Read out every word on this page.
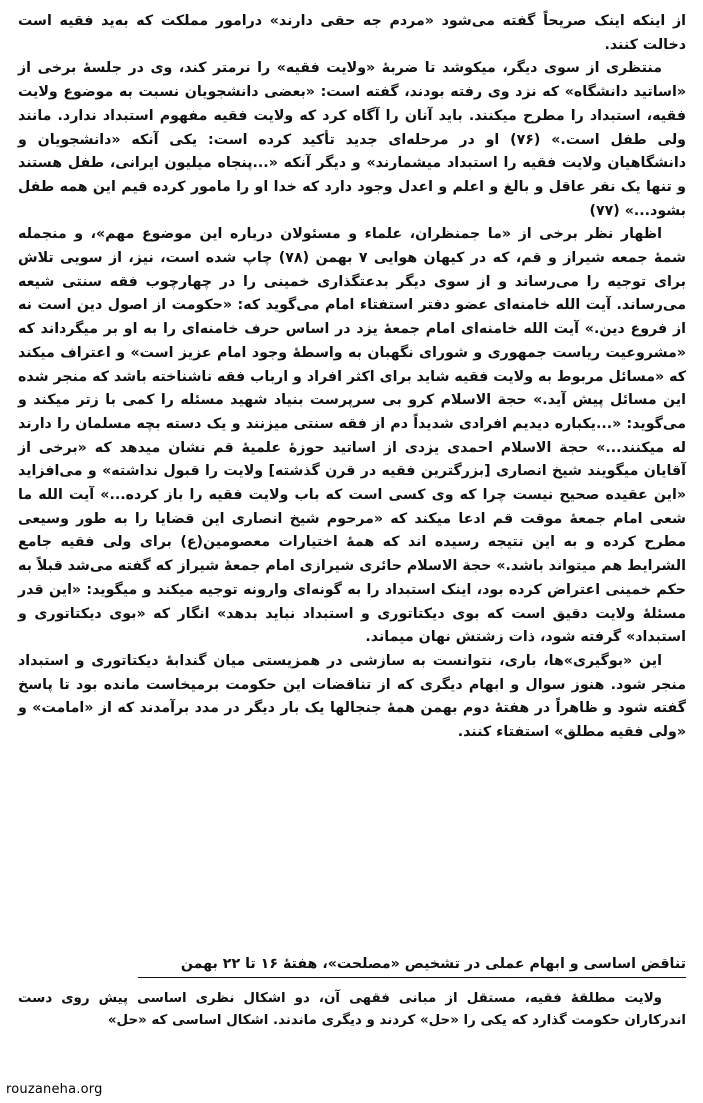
از اینکه اینک صریحاً گفته می‌شود «مردم جه حقی دارند» درامور مملکت که به‌ید فقیه است دخالت کنند.

منتظری از سوی دیگر، میکوشد تا ضربهٔ «ولایت فقیه» را نرمتر کند، وی در جلسهٔ برخی از «اساتید دانشگاه» که نزد وی رفته بودند، گفته است: «بعضی دانشجویان نسبت به موضوع ولایت فقیه، استبداد را مطرح میکنند. باید آنان را آگاه کرد که ولایت فقیه مفهوم استبداد ندارد. مانند ولی طفل است.» (۷۶) او در مرحله‌ای جدید تأکید کرده است: یکی آنکه «دانشجویان و دانشگاهیان ولایت فقیه را استبداد میشمارند» و دیگر آنکه «...پنجاه میلیون ایرانی، طفل هستند و تنها یک نفر عاقل و بالغ و اعلم و اعدل وجود دارد که خدا او را مامور کرده قیم این همه طفل بشود...» (۷۷)

اظهار نظر برخی از «ما جمنظران، علماء و مسئولان درباره این موضوع مهم»، و منجمله شمهٔ جمعه شیراز و قم، که در کیهان هوایی ۷ بهمن (۷۸) چاپ شده است، نیز، از سویی تلاش برای توجیه را می‌رساند و از سوی دیگر بدعتگذاری خمینی را در چهارچوب فقه سنتی شیعه می‌رساند. آیت الله خامنه‌ای عضو دفتر استفتاء امام می‌گوید که: «حکومت از اصول دین است نه از فروع دین.» آیت الله خامنه‌ای امام جمعهٔ یزد در اساس حرف خامنه‌ای را به او بر میگرداند که «مشروعیت ریاست جمهوری و شورای نگهبان به واسطهٔ وجود امام عزیز است» و اعتراف میکند که «مسائل مربوط به ولایت فقیه شاید برای اکثر افراد و ارباب فقه ناشناخته باشد که منجر شده این مسائل پیش آید.» حجة الاسلام کرو بی سرپرست بنیاد شهید مسئله را کمی با زتر میکند و می‌گوید: «...یکباره دیدیم افرادی شدیداً دم از فقه سنتی میزنند و یک دسته بچه مسلمان را دارند له میکنند...» حجة الاسلام احمدی یزدی از اساتید حوزهٔ علمیهٔ قم نشان میدهد که «برخی از آقایان میگویند شیخ انصاری [بزرگترین فقیه در قرن گذشته] ولایت را قبول نداشته» و می‌افزاید «این عقیده صحیح نیست چرا که وی کسی است که باب ولایت فقیه را باز کرده...» آیت الله ما شعی امام جمعهٔ موقت قم ادعا میکند که «مرحوم شیخ انصاری این قضایا را به طور وسیعی مطرح کرده و به این نتیجه رسیده اند که همهٔ اختیارات معصومین(ع) برای ولی فقیه جامع الشرایط هم میتواند باشد.» حجة الاسلام حائری شیرازی امام جمعهٔ شیراز که گفته می‌شد قبلاً به حکم خمینی اعتراض کرده بود، اینک استبداد را به گونه‌ای وارونه توجیه میکند و میگوید: «این قدر مسئلهٔ ولایت دقیق است که بوی دیکتاتوری و استبداد نباید بدهد» انگار که «بوی دیکتاتوری و استبداد» گرفته شود، ذات زشتش نهان میماند.

این «بوگیری»ها، باری، نتوانست به سازشی در همزیستی میان گندابهٔ دیکتاتوری و استبداد منجر شود. هنوز سوال و ابهام دیگری که از تناقضات این حکومت برمیخاست مانده بود تا پاسخ گفته شود و ظاهراً در هفتهٔ دوم بهمن همهٔ جنجالها یک بار دیگر در مدد برآمدند که از «امامت» و «ولی فقیه مطلق» استفتاء کنند.

تناقض اساسی و ابهام عملی در تشخیص «مصلحت»، هفتهٔ ۱۶ تا ۲۲ بهمن

ولایت مطلقهٔ فقیه، مستقل از مبانی فقهی آن، دو اشکال نظری اساسی پیش روی دست اندرکاران حکومت گذارد که یکی را «حل» کردند و دیگری ماندند. اشکال اساسی که «حل»

rouzaneha.org
